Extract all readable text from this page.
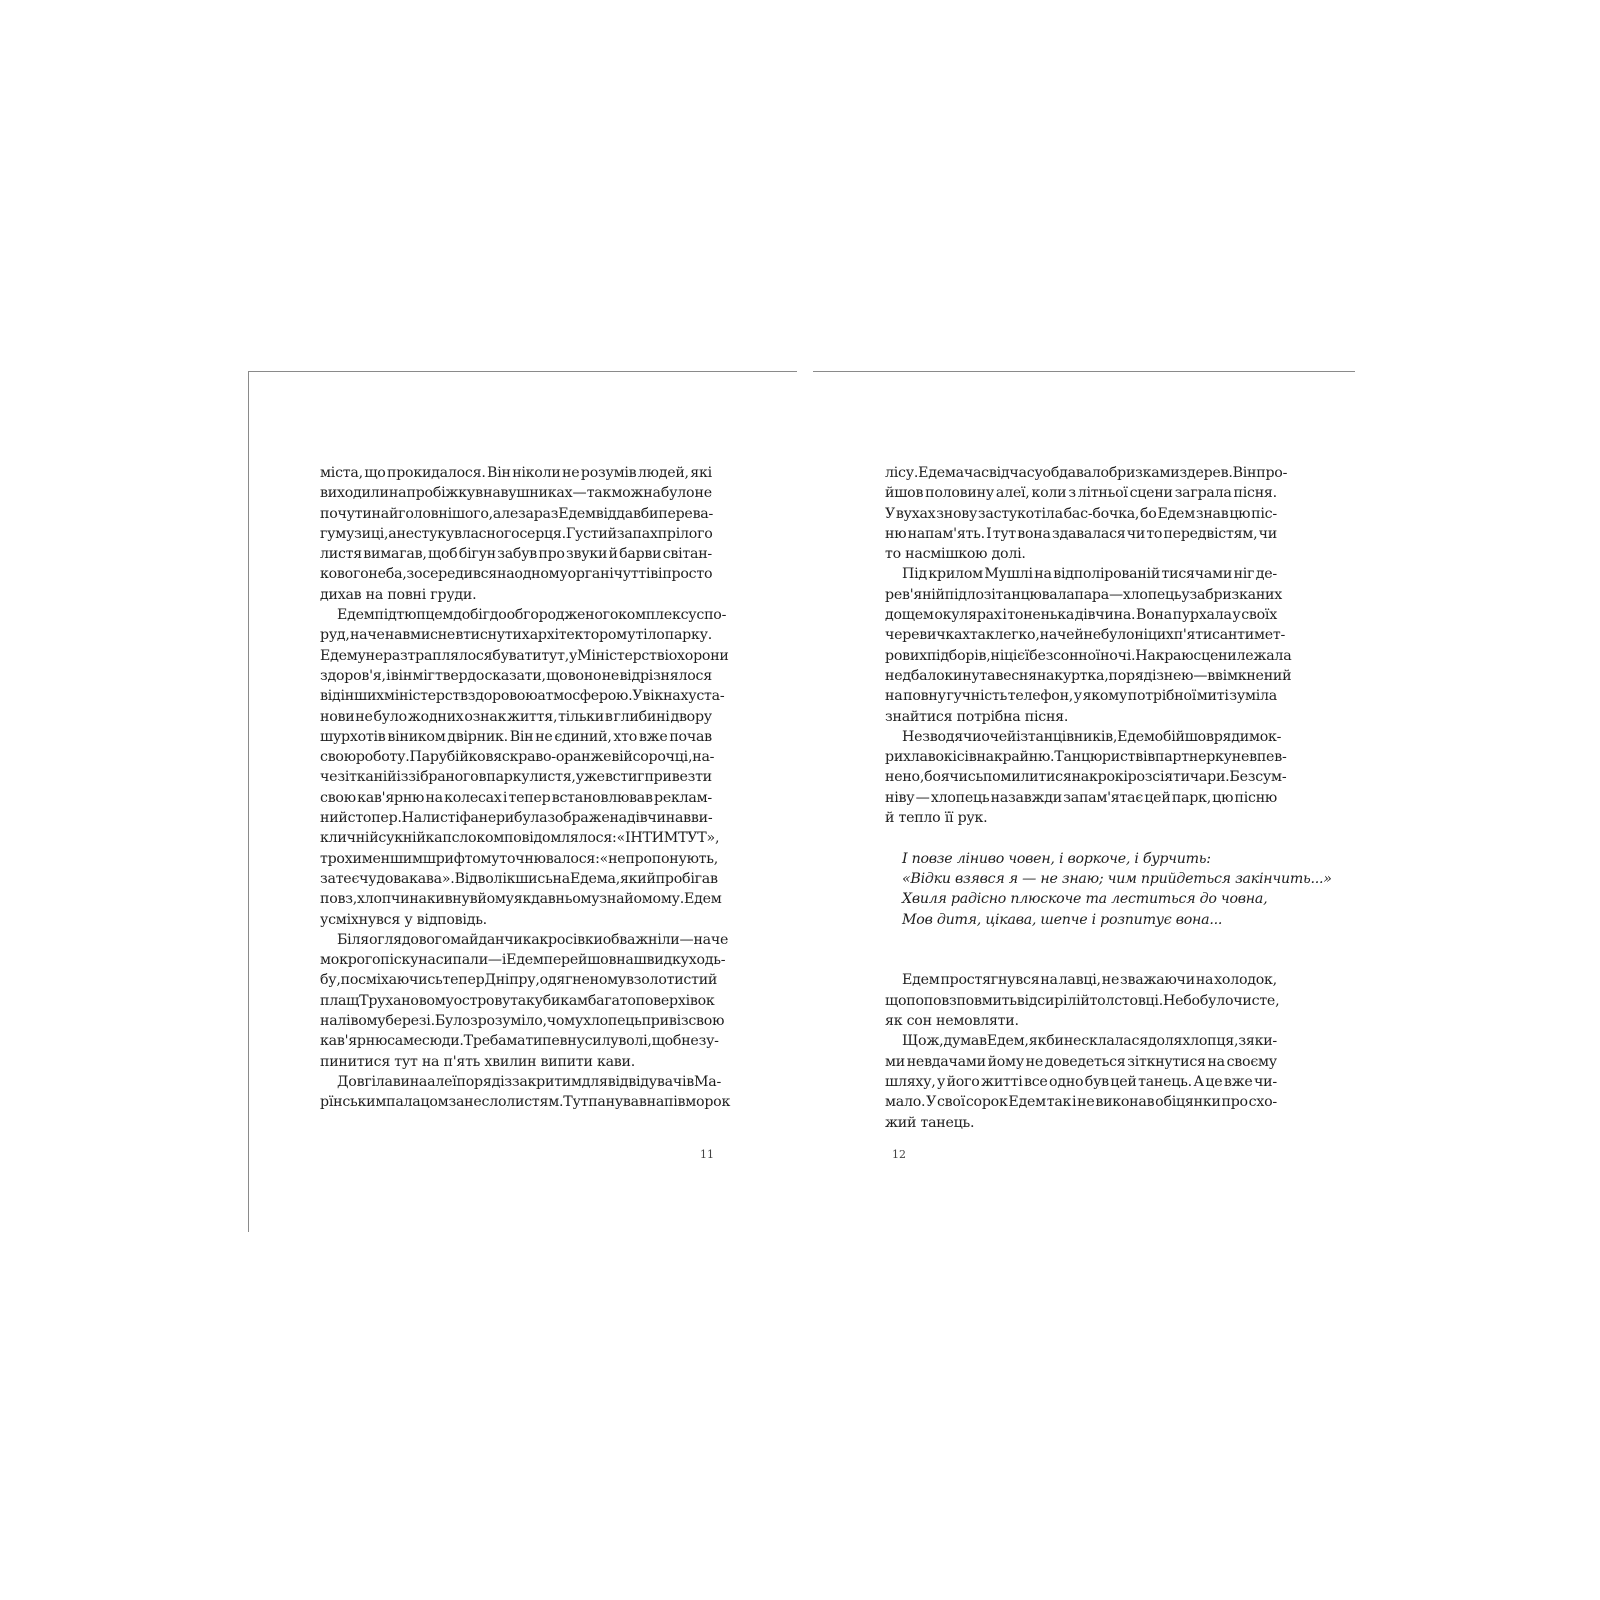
міста, що прокидалося. Він ніколи не розумів людей, які
виходили на пробіжку в навушниках — так можна було не
почути найголовнішого, але зараз Едем віддав би перева-
гу музиці, а не стуку власного серця. Густий запах прілого
листя вимагав, щоб бігун забув про звуки й барви світан-
кового неба, зосередився на одному органі чуттів і просто
дихав на повні груди.
Едем підтюпцем добіг до обгородженого комплексу спо-
руд, наче навмисне втиснутих архітектором у тіло парку.
Едему не раз траплялося бувати тут, у Міністерстві охорони
здоров'я, і він міг твердо сказати, що воно не відрізнялося
від інших міністерств здоровою атмосферою. У вікнах уста-
нови не було жодних ознак життя, тільки в глибині двору
шурхотів віником двірник. Він не єдиний, хто вже почав
свою роботу. Парубійко в яскраво-оранжевій сорочці, на-
че зітканій із зібраного в парку листя, уже встиг привезти
свою кав'ярню на колесах і тепер встановлював реклам-
ний стопер. На листі фанери була зображена дівчина в ви-
кличній сукні й капслоком повідомлялося: «ІНТИМ ТУТ»,
трохи меншим шрифтом уточнювалося: «не пропонують,
зате є чудова кава». Відволікшись на Едема, який пробігав
повз, хлопчина кивнув йому як давньому знайомому. Едем
усміхнувся у відповідь.
Біля оглядового майданчика кросівки обважніли — наче
мокрого піску насипали — і Едем перейшов на швидку ходь-
бу, посміхаючись тепер Дніпру, одягненому в золотистий
плащ Трухановому острову та кубикам багатоповерхівок
на лівому березі. Було зрозуміло, чому хлопець привіз свою
кав'ярню саме сюди. Треба мати певну силу волі, щоб не зу-
пинитися тут на п'ять хвилин випити кави.
Довгі лави на алеї поряд із закритим для відвідувачів Ма-
рїнським палацом занесло листям. Тут панував напівморок
лісу. Едема час від часу обдавало бризками з дерев. Він про-
йшов половину алеї, коли з літньої сцени заграла пісня.
У вухах знову застукотіла бас-бочка, бо Едем знав цю піс-
ню напам'ять. І тут вона здавалася чи то передвістям, чи
то насмішкою долі.
Під крилом Мушлі на відполірованій тисячами ніг де-
рев'яній підлозі танцювала пара — хлопець у забризканих
дощем окулярах і тоненька дівчина. Вона пурхала у своїх
черевичках так легко, наче й не було ні цих п'ятисантимет-
рових підборів, ні цієї безсонної ночі. На краю сцени лежала
недбало кинута весняна куртка, поряд із нею — ввімкнений
на повну гучність телефон, у якому потрібної миті зуміла
знайтися потрібна пісня.
Не зводячи очей із танцівників, Едем обійшов ряди мок-
рих лавок і сів на крайню. Танцюрист вів партнерку невпев-
нено, боячись помилитися на крок і розсіяти чари. Без сум-
ніву — хлопець назавжди запам'ятає цей парк, цю пісню
й тепло її рук.
І повзе ліниво човен, і воркоче, і бурчить:
«Відки взявся я — не знаю; чим прийдеться закінчить...»
Хвиля радісно плюскоче та леститься до човна,
Мов дитя, цікава, шепче і розпитує вона...
Едем простягнувся на лавці, не зважаючи на холодок,
що поповз по вмить відсирілій толстовці. Небо було чисте,
як сон немовляти.
Що ж, думав Едем, як би не склалася доля хлопця, з яки-
ми невдачами йому не доведеться зіткнутися на своєму
шляху, у його житті все одно був цей танець. А це вже чи-
мало. У свої сорок Едем так і не виконав обіцянки про схо-
жий танець.
11	12
